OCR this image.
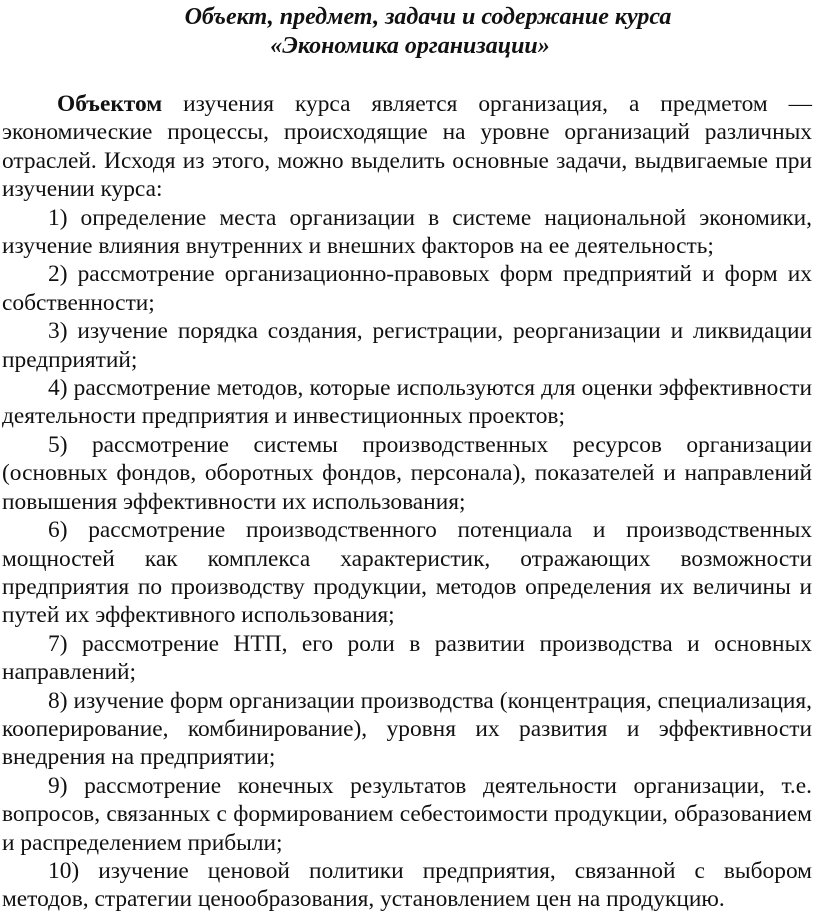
Объект, предмет, задачи и содержание курса

«Экономика организации»

Объектом изучения курса является организация, а предметом — экономические процессы, происходящие на уровне организаций различных отраслей. Исходя из этого, можно выделить основные задачи, выдвигаемые при изучении курса:

1) определение места организации в системе национальной экономики, изучение влияния внутренних и внешних факторов на ее деятельность;

2) рассмотрение организационно-правовых форм предприятий и форм их собственности;

3) изучение порядка создания, регистрации, реорганизации и ликвидации предприятий;

4) рассмотрение методов, которые используются для оценки эффективности деятельности предприятия и инвестиционных проектов;

5) рассмотрение системы производственных ресурсов организации (основных фондов, оборотных фондов, персонала), показателей и направлений повышения эффективности их использования;

6) рассмотрение производственного потенциала и производственных мощностей как комплекса характеристик, отражающих возможности предприятия по производству продукции, методов определения их величины и путей их эффективного использования;

7) рассмотрение НТП, его роли в развитии производства и основных направлений;

8) изучение форм организации производства (концентрация, специализация, кооперирование, комбинирование), уровня их развития и эффективности внедрения на предприятии;

9) рассмотрение конечных результатов деятельности организации, т.е. вопросов, связанных с формированием себестоимости продукции, образованием и распределением прибыли;

10) изучение ценовой политики предприятия, связанной с выбором методов, стратегии ценообразования, установлением цен на продукцию.
